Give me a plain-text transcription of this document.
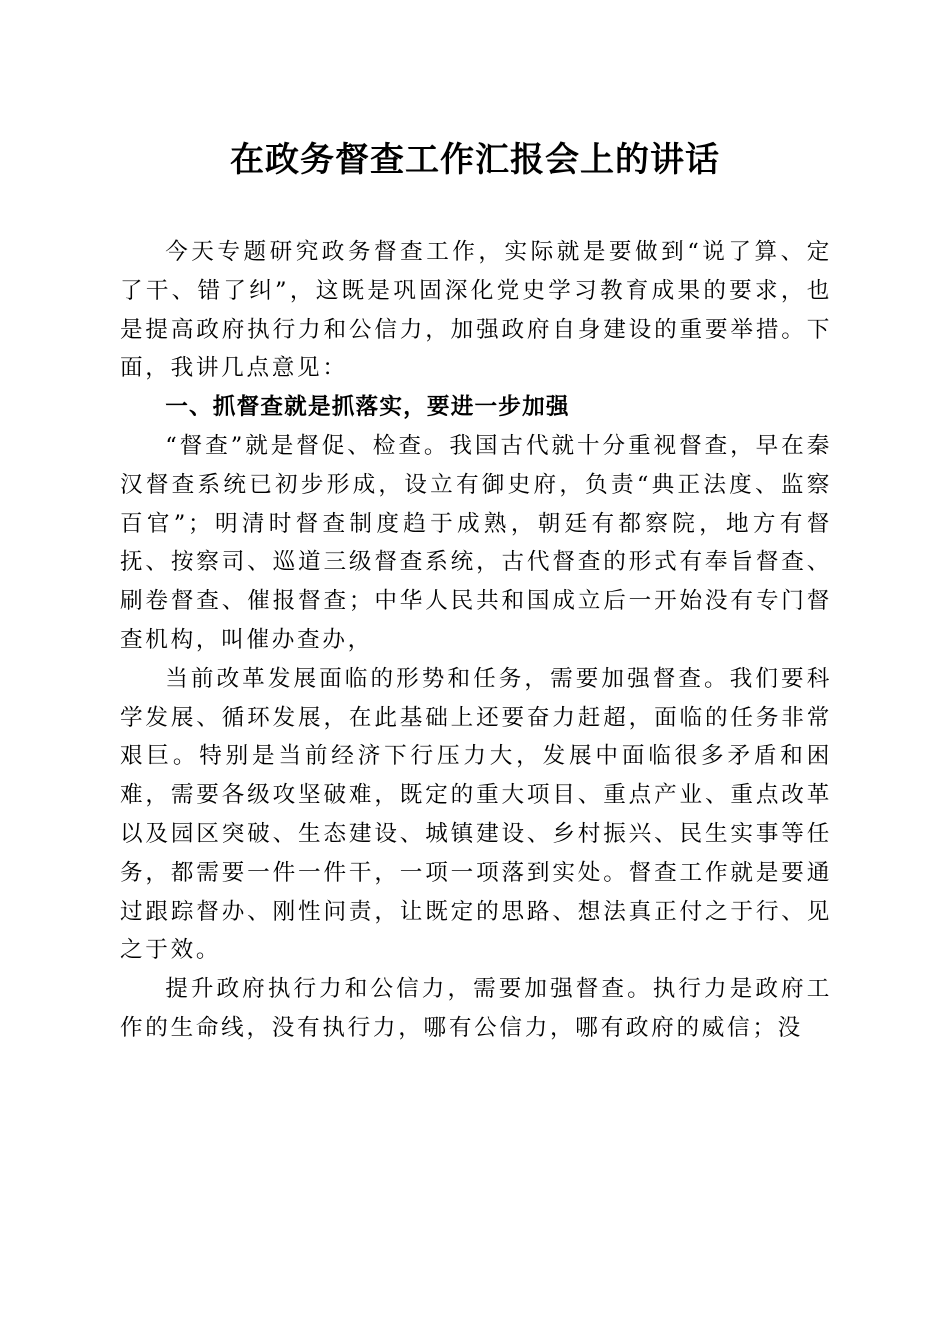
在政务督查工作汇报会上的讲话

今天专题研究政务督查工作，实际就是要做到“说了算、定了干、错了纠”，这既是巩固深化党史学习教育成果的要求，也是提高政府执行力和公信力，加强政府自身建设的重要举措。下面，我讲几点意见：

一、抓督查就是抓落实，要进一步加强

“督查”就是督促、检查。我国古代就十分重视督查，早在秦汉督查系统已初步形成，设立有御史府，负责“典正法度、监察百官”；明清时督查制度趋于成熟，朝廷有都察院，地方有督抚、按察司、巡道三级督查系统，古代督查的形式有奉旨督查、刷卷督查、催报督查；中华人民共和国成立后一开始没有专门督查机构，叫催办查办，

当前改革发展面临的形势和任务，需要加强督查。我们要科学发展、循环发展，在此基础上还要奋力赶超，面临的任务非常艰巨。特别是当前经济下行压力大，发展中面临很多矛盾和困难，需要各级攻坚破难，既定的重大项目、重点产业、重点改革以及园区突破、生态建设、城镇建设、乡村振兴、民生实事等任务，都需要一件一件干，一项一项落到实处。督查工作就是要通过跟踪督办、刚性问责，让既定的思路、想法真正付之于行、见之于效。

提升政府执行力和公信力，需要加强督查。执行力是政府工作的生命线，没有执行力，哪有公信力，哪有政府的威信；没
